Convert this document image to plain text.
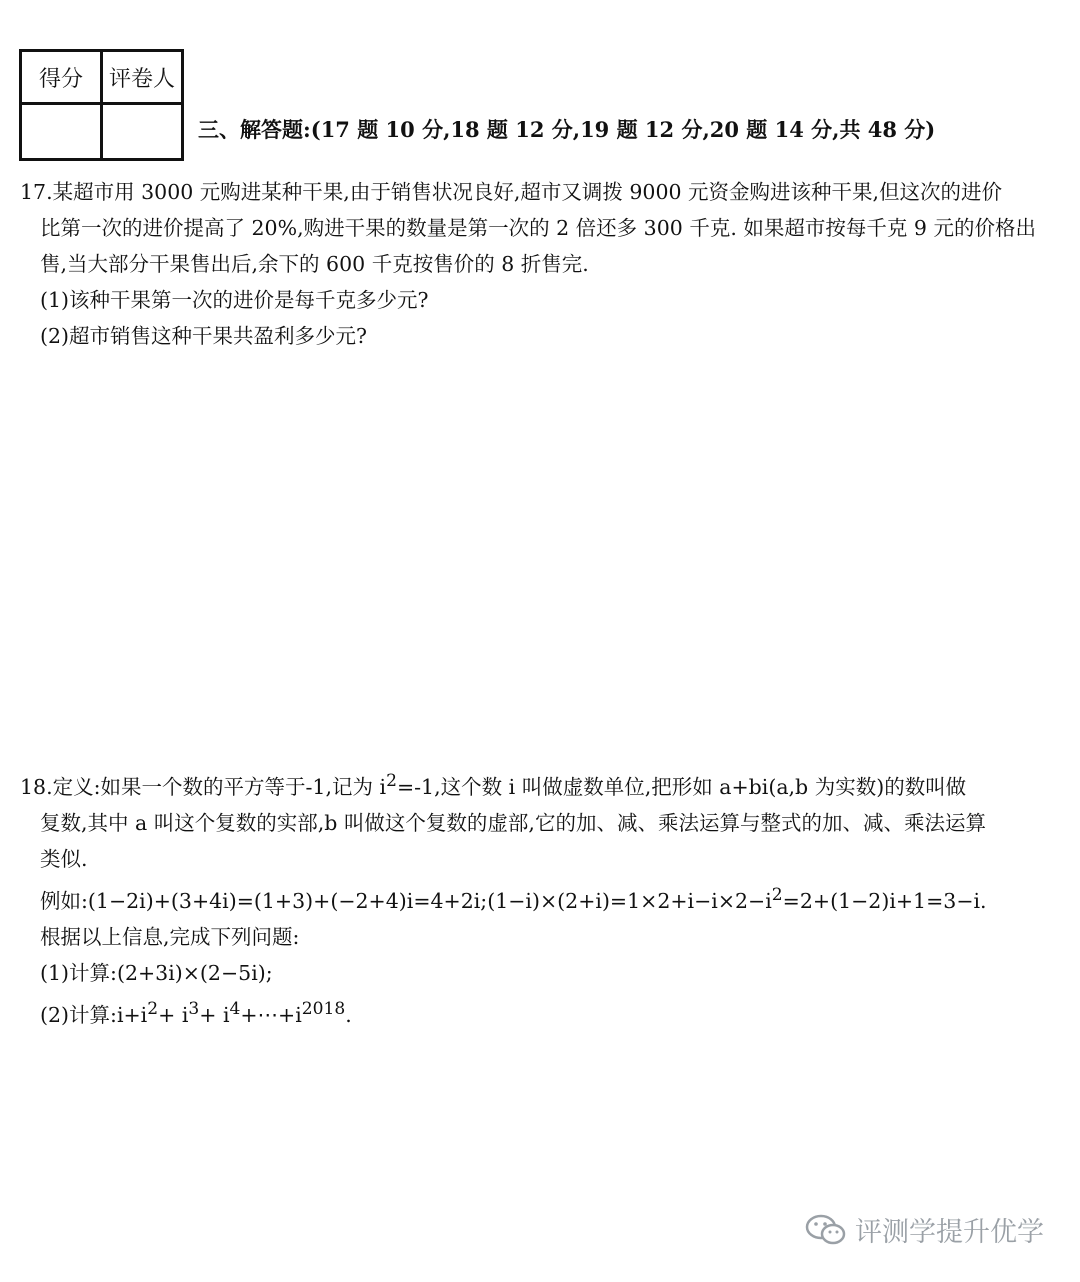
得分	评卷人

三、解答题:(17 题 10 分,18 题 12 分,19 题 12 分,20 题 14 分,共 48 分)
17.某超市用 3000 元购进某种干果,由于销售状况良好,超市又调拨 9000 元资金购进该种干果,但这次的进价
比第一次的进价提高了 20%,购进干果的数量是第一次的 2 倍还多 300 千克. 如果超市按每千克 9 元的价格出
售,当大部分干果售出后,余下的 600 千克按售价的 8 折售完.
(1)该种干果第一次的进价是每千克多少元?
(2)超市销售这种干果共盈利多少元?
18.定义:如果一个数的平方等于-1,记为 $i^2=-1$,这个数 i 叫做虚数单位,把形如 a+bi(a,b 为实数)的数叫做
复数,其中 a 叫这个复数的实部,b 叫做这个复数的虚部,它的加、减、乘法运算与整式的加、减、乘法运算
类似.
例如$:(1-2i)+(3+4i)=(1+3)+(-2+4)i=4+2i;(1-i)\times(2+i)=1\times 2+i-i\times 2-i^2=2+(1-2)i+1=3-i$.
根据以上信息,完成下列问题:
(1)计算:(2+3i)×(2−5i);
(2)计算$:i+i^2+ i^3+$ $i^4+\cdots+i^{2018}$.
评测学提升优学
